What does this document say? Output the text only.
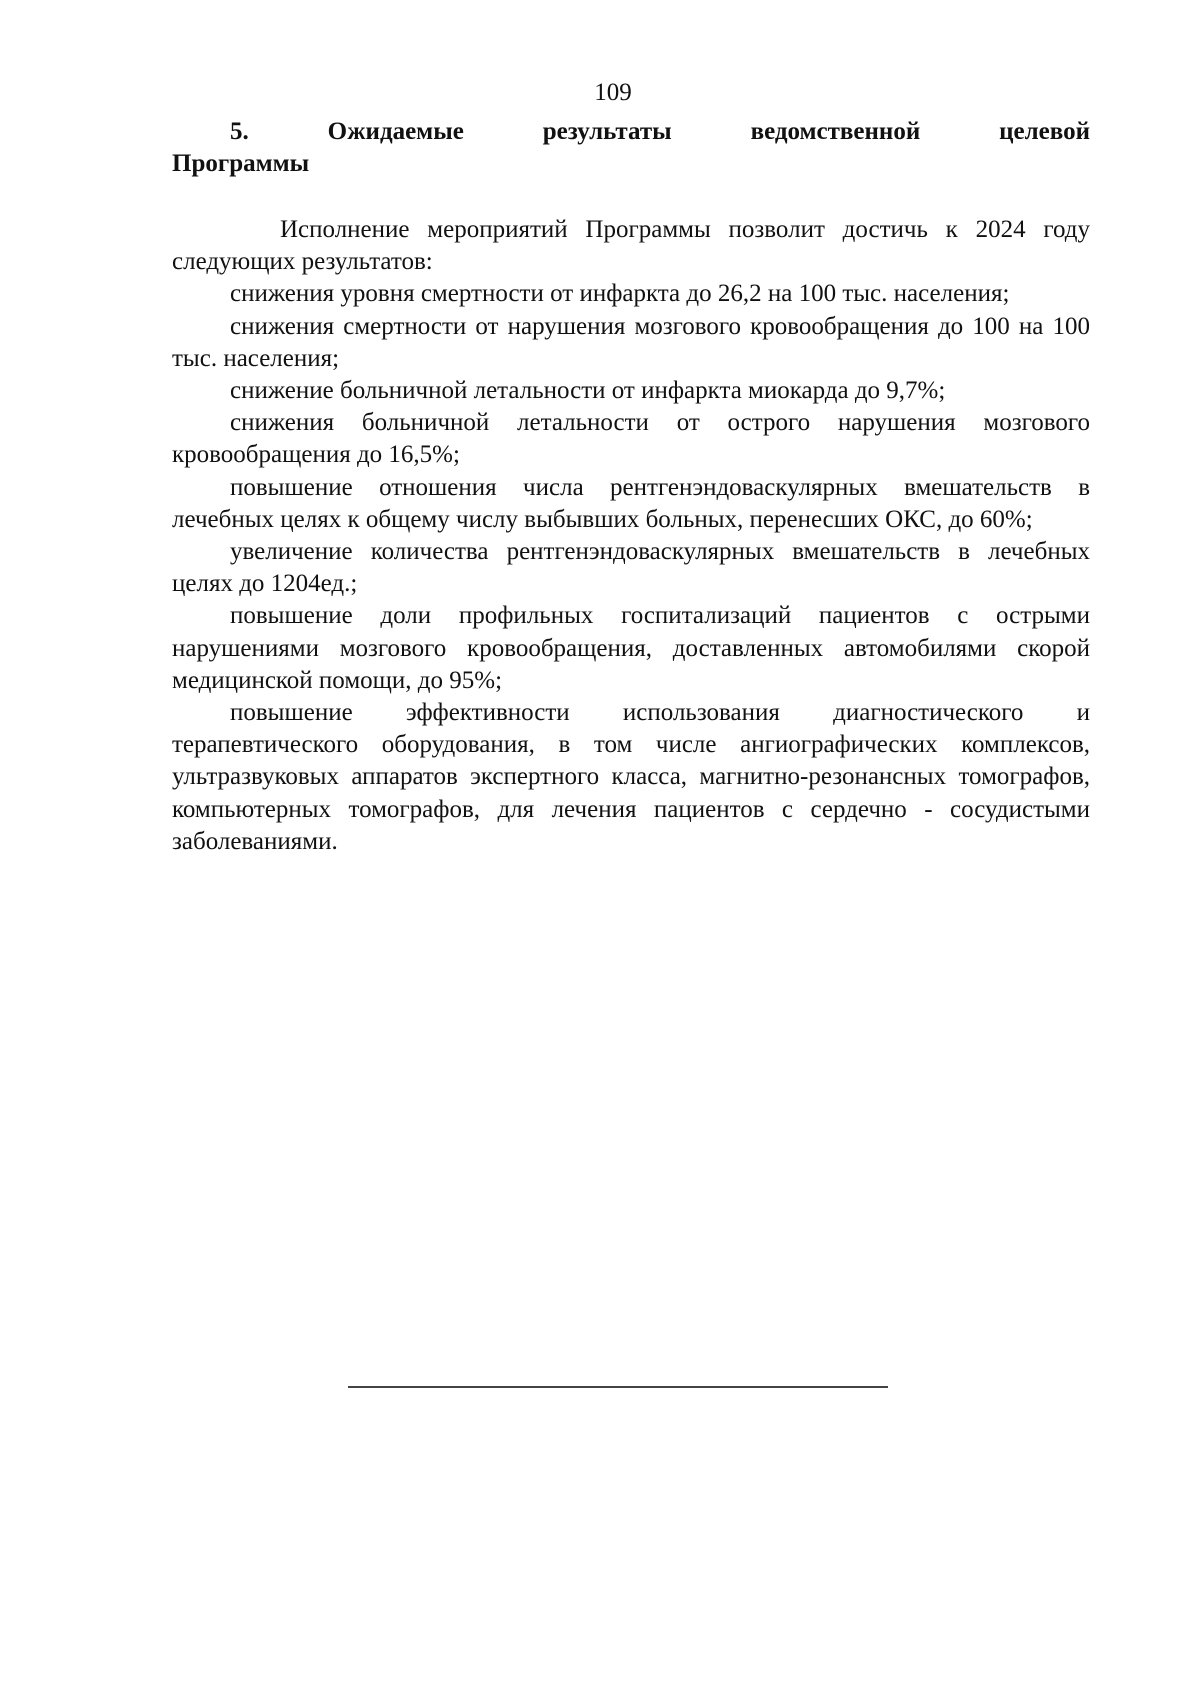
109
5.	Ожидаемые	результаты	ведомственной	целевой
Программы

Исполнение мероприятий Программы позволит достичь к 2024 году следующих результатов:

снижения уровня смертности от инфаркта до 26,2 на 100 тыс. населения;

снижения смертности от нарушения мозгового кровообращения до 100 на 100 тыс. населения;

снижение больничной летальности от инфаркта миокарда до 9,7%;

снижения больничной летальности от острого нарушения мозгового кровообращения до 16,5%;

повышение отношения числа рентгенэндоваскулярных вмешательств в лечебных целях к общему числу выбывших больных, перенесших ОКС, до 60%;

увеличение количества рентгенэндоваскулярных вмешательств в лечебных целях до 1204ед.;

повышение доли профильных госпитализаций пациентов с острыми нарушениями мозгового кровообращения, доставленных автомобилями скорой медицинской помощи, до 95%;

повышение эффективности использования диагностического и терапевтического оборудования, в том числе ангиографических комплексов, ультразвуковых аппаратов экспертного класса, магнитно-резонансных томографов, компьютерных томографов, для лечения пациентов с сердечно - сосудистыми заболеваниями.
